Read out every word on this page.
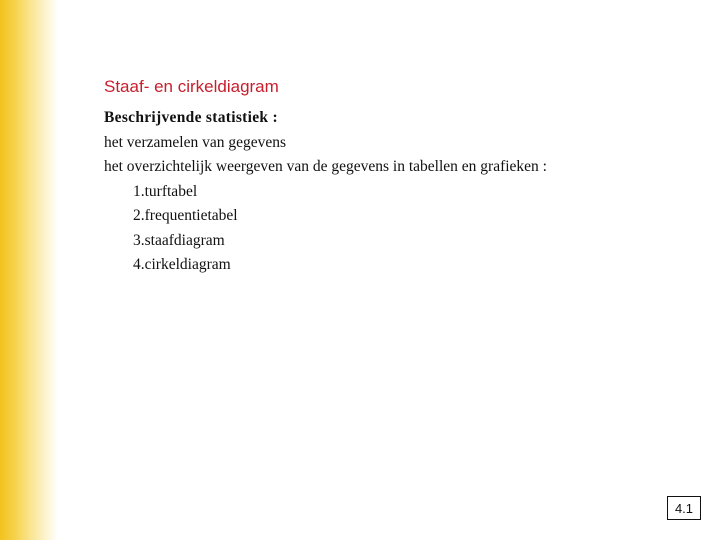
Staaf- en cirkeldiagram
Beschrijvende statistiek :
het verzamelen van gegevens
het overzichtelijk weergeven van de gegevens in tabellen en grafieken :
1.turftabel
2.frequentietabel
3.staafdiagram
4.cirkeldiagram
4.1
